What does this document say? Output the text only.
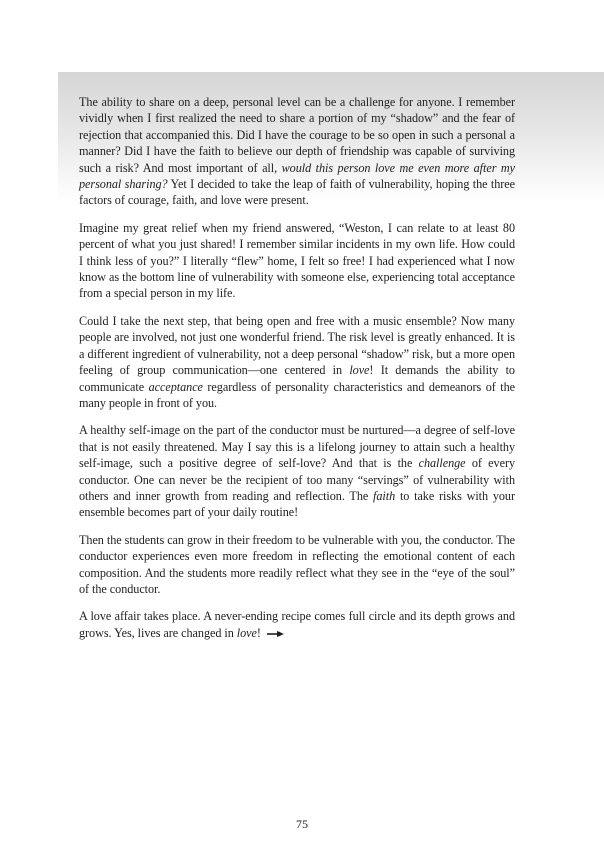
The ability to share on a deep, personal level can be a challenge for anyone. I remember vividly when I first realized the need to share a portion of my “shadow” and the fear of rejection that accompanied this. Did I have the courage to be so open in such a personal a manner? Did I have the faith to believe our depth of friendship was capable of surviving such a risk? And most important of all, would this person love me even more after my personal sharing? Yet I decided to take the leap of faith of vulnerability, hoping the three factors of courage, faith, and love were present.

Imagine my great relief when my friend answered, “Weston, I can relate to at least 80 percent of what you just shared! I remember similar incidents in my own life. How could I think less of you?” I literally “flew” home, I felt so free! I had experienced what I now know as the bottom line of vulnerability with someone else, experiencing total acceptance from a special person in my life.

Could I take the next step, that being open and free with a music ensemble? Now many people are involved, not just one wonderful friend. The risk level is greatly enhanced. It is a different ingredient of vulnerability, not a deep personal “shadow” risk, but a more open feeling of group communication—one centered in love! It demands the ability to communicate acceptance regardless of personality characteristics and demeanors of the many people in front of you.

A healthy self-image on the part of the conductor must be nurtured—a degree of self-love that is not easily threatened. May I say this is a lifelong journey to attain such a healthy self-image, such a positive degree of self-love? And that is the challenge of every conductor. One can never be the recipient of too many “servings” of vulnerability with others and inner growth from reading and reflection. The faith to take risks with your ensemble becomes part of your daily routine!

Then the students can grow in their freedom to be vulnerable with you, the conductor. The conductor experiences even more freedom in reflecting the emotional content of each composition. And the students more readily reflect what they see in the “eye of the soul” of the conductor.

A love affair takes place. A never-ending recipe comes full circle and its depth grows and grows. Yes, lives are changed in love!

75
